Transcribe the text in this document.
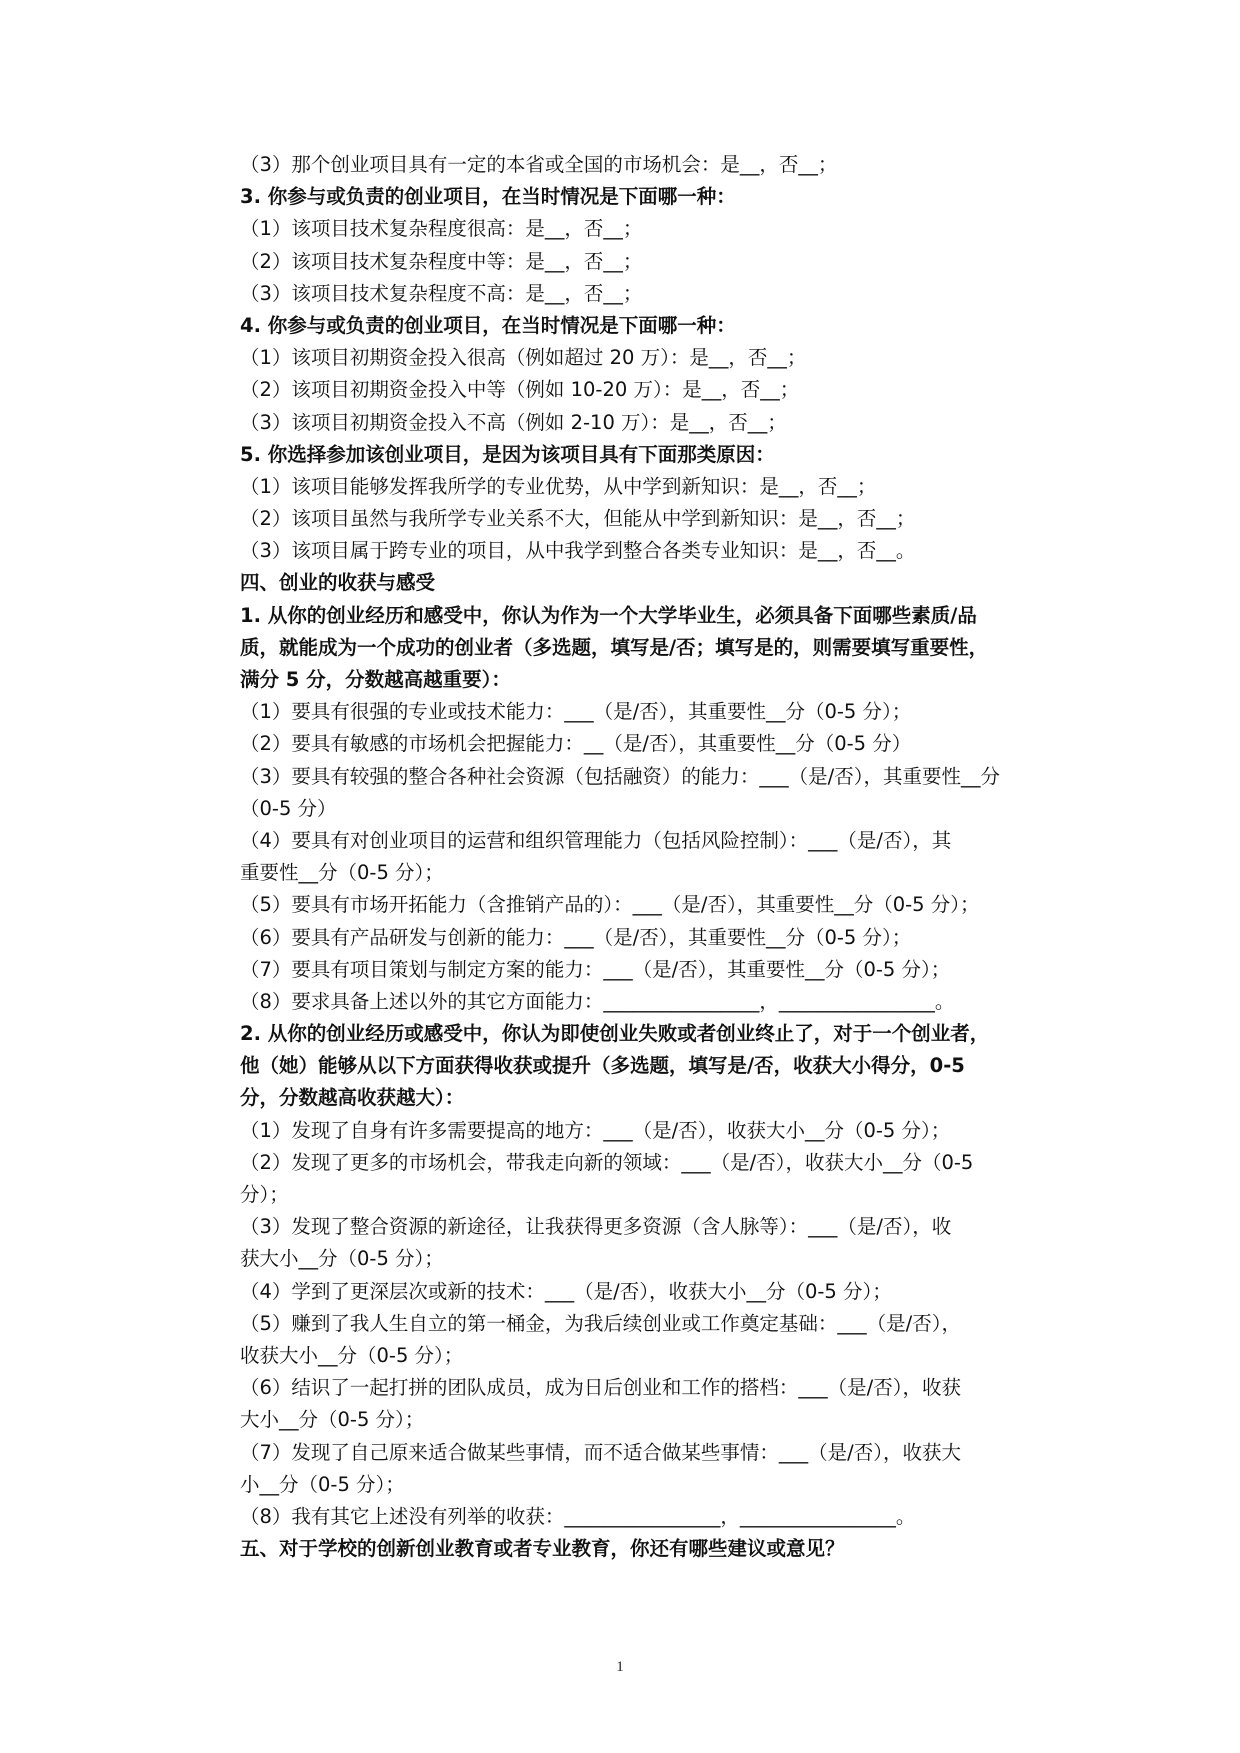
（3）那个创业项目具有一定的本省或全国的市场机会：是__，否__；

3. 你参与或负责的创业项目，在当时情况是下面哪一种：

（1）该项目技术复杂程度很高：是__，否__；

（2）该项目技术复杂程度中等：是__，否__；

（3）该项目技术复杂程度不高：是__，否__；

4. 你参与或负责的创业项目，在当时情况是下面哪一种：

（1）该项目初期资金投入很高（例如超过 20 万）：是__，否__；

（2）该项目初期资金投入中等（例如 10-20 万）：是__，否__；

（3）该项目初期资金投入不高（例如 2-10 万）：是__，否__；

5. 你选择参加该创业项目，是因为该项目具有下面那类原因：

（1）该项目能够发挥我所学的专业优势，从中学到新知识：是__，否__；

（2）该项目虽然与我所学专业关系不大，但能从中学到新知识：是__，否__；

（3）该项目属于跨专业的项目，从中我学到整合各类专业知识：是__，否__。

四、创业的收获与感受

1. 从你的创业经历和感受中，你认为作为一个大学毕业生，必须具备下面哪些素质/品

质，就能成为一个成功的创业者（多选题，填写是/否；填写是的，则需要填写重要性，

满分 5 分，分数越高越重要）：

（1）要具有很强的专业或技术能力：___（是/否），其重要性__分（0-5 分）；

（2）要具有敏感的市场机会把握能力：__（是/否），其重要性__分（0-5 分）

（3）要具有较强的整合各种社会资源（包括融资）的能力：___（是/否），其重要性__分

（0-5 分）

（4）要具有对创业项目的运营和组织管理能力（包括风险控制）：___（是/否），其

重要性__分（0-5 分）；

（5）要具有市场开拓能力（含推销产品的）：___（是/否），其重要性__分（0-5 分）；

（6）要具有产品研发与创新的能力：___（是/否），其重要性__分（0-5 分）；

（7）要具有项目策划与制定方案的能力：___（是/否），其重要性__分（0-5 分）；

（8）要求具备上述以外的其它方面能力：________________，________________。

2. 从你的创业经历或感受中，你认为即使创业失败或者创业终止了，对于一个创业者，

他（她）能够从以下方面获得收获或提升（多选题，填写是/否，收获大小得分，0-5

分，分数越高收获越大）：

（1）发现了自身有许多需要提高的地方：___（是/否），收获大小__分（0-5 分）；

（2）发现了更多的市场机会，带我走向新的领域：___（是/否），收获大小__分（0-5

分）；

（3）发现了整合资源的新途径，让我获得更多资源（含人脉等）：___（是/否），收

获大小__分（0-5 分）；

（4）学到了更深层次或新的技术：___（是/否），收获大小__分（0-5 分）；

（5）赚到了我人生自立的第一桶金，为我后续创业或工作奠定基础：___（是/否），

收获大小__分（0-5 分）；

（6）结识了一起打拼的团队成员，成为日后创业和工作的搭档：___（是/否），收获

大小__分（0-5 分）；

（7）发现了自己原来适合做某些事情，而不适合做某些事情：___（是/否），收获大

小__分（0-5 分）；

（8）我有其它上述没有列举的收获：________________，________________。

五、对于学校的创新创业教育或者专业教育，你还有哪些建议或意见？

1
